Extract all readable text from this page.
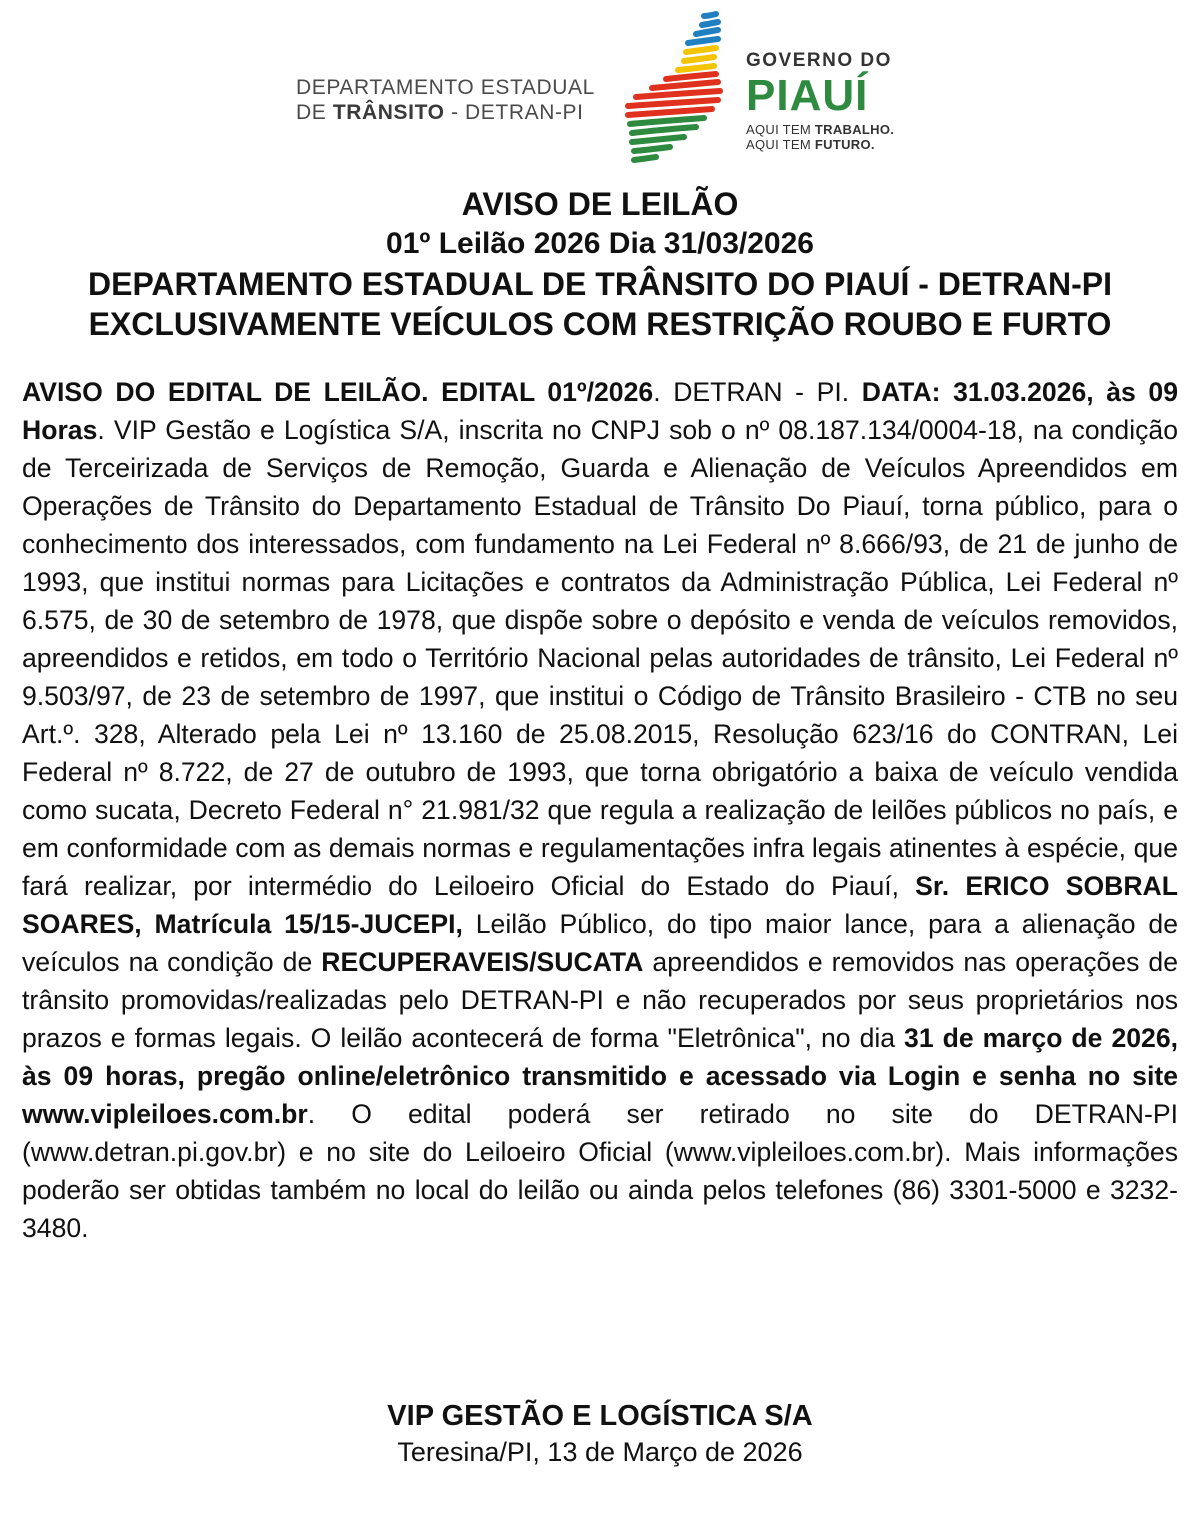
DEPARTAMENTO ESTADUAL
DE TRÂNSITO - DETRAN-PI
GOVERNO DO
PIAUÍ
AQUI TEM TRABALHO.
AQUI TEM FUTURO.
AVISO DE LEILÃO
01º Leilão 2026 Dia 31/03/2026
DEPARTAMENTO ESTADUAL DE TRÂNSITO DO PIAUÍ - DETRAN-PI
EXCLUSIVAMENTE VEÍCULOS COM RESTRIÇÃO ROUBO E FURTO
AVISO DO EDITAL DE LEILÃO. EDITAL 01º/2026. DETRAN - PI. DATA: 31.03.2026, às 09 Horas. VIP Gestão e Logística S/A, inscrita no CNPJ sob o nº 08.187.134/0004-18, na condição de Terceirizada de Serviços de Remoção, Guarda e Alienação de Veículos Apreendidos em Operações de Trânsito do Departamento Estadual de Trânsito Do Piauí, torna público, para o conhecimento dos interessados, com fundamento na Lei Federal nº 8.666/93, de 21 de junho de 1993, que institui normas para Licitações e contratos da Administração Pública, Lei Federal nº 6.575, de 30 de setembro de 1978, que dispõe sobre o depósito e venda de veículos removidos, apreendidos e retidos, em todo o Território Nacional pelas autoridades de trânsito, Lei Federal nº 9.503/97, de 23 de setembro de 1997, que institui o Código de Trânsito Brasileiro - CTB no seu Art.º. 328, Alterado pela Lei nº 13.160 de 25.08.2015, Resolução 623/16 do CONTRAN, Lei Federal nº 8.722, de 27 de outubro de 1993, que torna obrigatório a baixa de veículo vendida como sucata, Decreto Federal n° 21.981/32 que regula a realização de leilões públicos no país, e em conformidade com as demais normas e regulamentações infra legais atinentes à espécie, que fará realizar, por intermédio do Leiloeiro Oficial do Estado do Piauí, Sr. ERICO SOBRAL SOARES, Matrícula 15/15-JUCEPI, Leilão Público, do tipo maior lance, para a alienação de veículos na condição de RECUPERAVEIS/SUCATA apreendidos e removidos nas operações de trânsito promovidas/realizadas pelo DETRAN-PI e não recuperados por seus proprietários nos prazos e formas legais. O leilão acontecerá de forma "Eletrônica", no dia 31 de março de 2026, às 09 horas, pregão online/eletrônico transmitido e acessado via Login e senha no site www.vipleiloes.com.br. O edital poderá ser retirado no site do DETRAN-PI (www.detran.pi.gov.br) e no site do Leiloeiro Oficial (www.vipleiloes.com.br). Mais informações poderão ser obtidas também no local do leilão ou ainda pelos telefones (86) 3301-5000 e 3232-3480.
VIP GESTÃO E LOGÍSTICA S/A
Teresina/PI, 13 de Março de 2026
